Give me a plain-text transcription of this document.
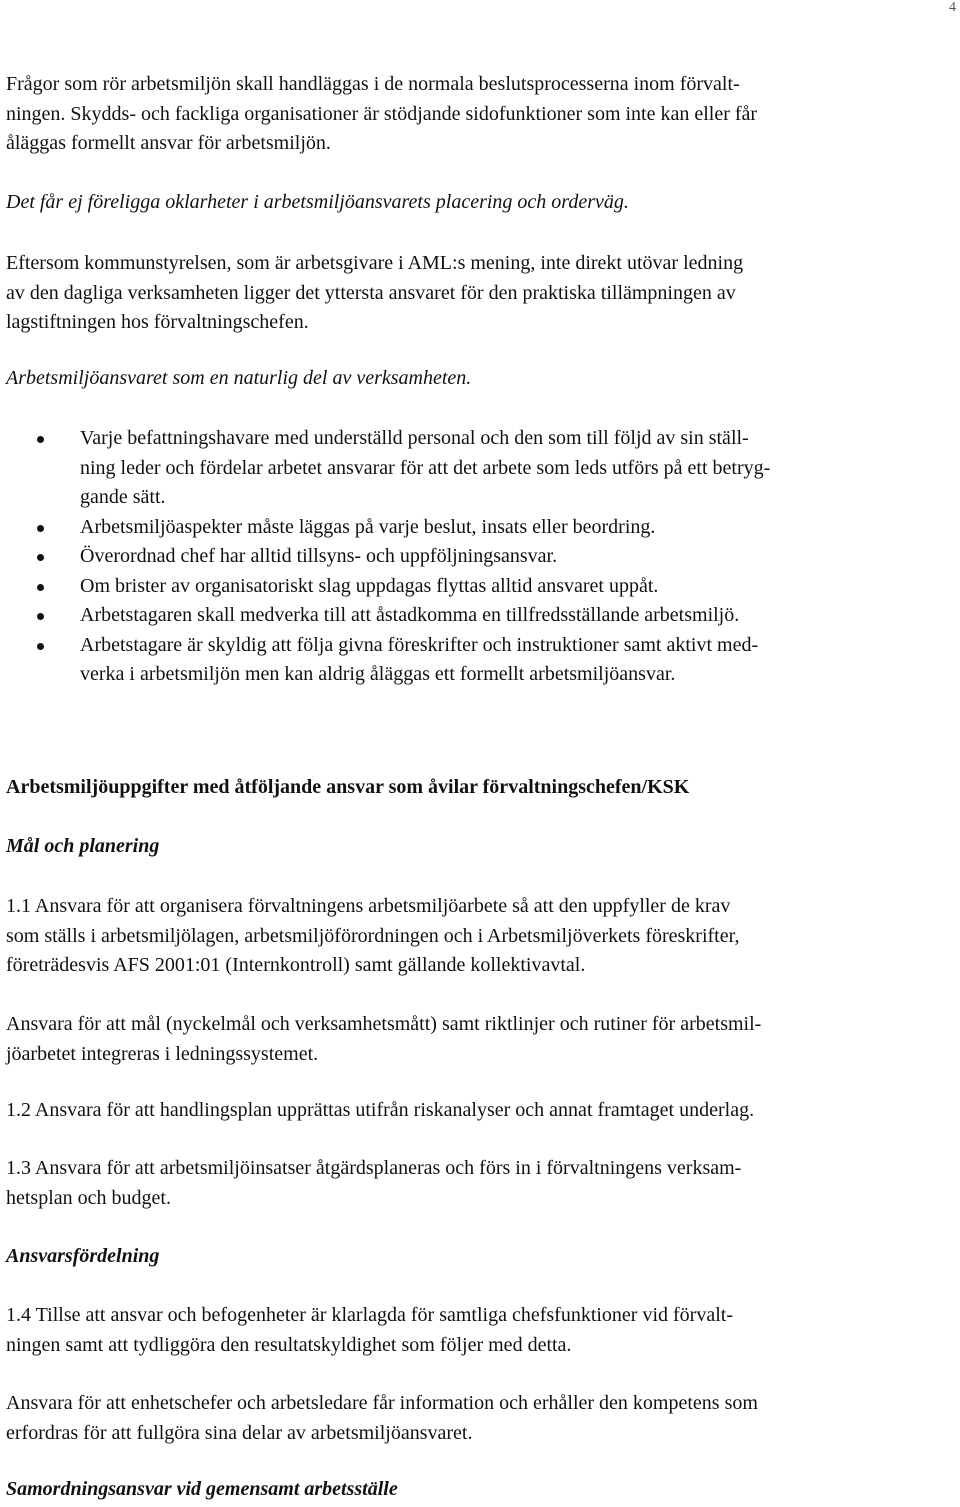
4

Frågor som rör arbetsmiljön skall handläggas i de normala beslutsprocesserna inom förvalt-
ningen. Skydds- och fackliga organisationer är stödjande sidofunktioner som inte kan eller får
åläggas formellt ansvar för arbetsmiljön.

Det får ej föreligga oklarheter i arbetsmiljöansvarets placering och orderväg.

Eftersom kommunstyrelsen, som är arbetsgivare i AML:s mening, inte direkt utövar ledning
av den dagliga verksamheten ligger det yttersta ansvaret för den praktiska tillämpningen av
lagstiftningen hos förvaltningschefen.

Arbetsmiljöansvaret som en naturlig del av verksamheten.

Varje befattningshavare med underställd personal och den som till följd av sin ställ-
ning leder och fördelar arbetet ansvarar för att det arbete som leds utförs på ett betryg-
gande sätt.
Arbetsmiljöaspekter måste läggas på varje beslut, insats eller beordring.
Överordnad chef har alltid tillsyns- och uppföljningsansvar.
Om brister av organisatoriskt slag uppdagas flyttas alltid ansvaret uppåt.
Arbetstagaren skall medverka till att åstadkomma en tillfredsställande arbetsmiljö.
Arbetstagare är skyldig att följa givna föreskrifter och instruktioner samt aktivt med-
verka i arbetsmiljön men kan aldrig åläggas ett formellt arbetsmiljöansvar.

Arbetsmiljöuppgifter med åtföljande ansvar som åvilar förvaltningschefen/KSK

Mål och planering

1.1 Ansvara för att organisera förvaltningens arbetsmiljöarbete så att den uppfyller de krav
som ställs i arbetsmiljölagen, arbetsmiljöförordningen och i Arbetsmiljöverkets föreskrifter,
företrädesvis AFS 2001:01 (Internkontroll) samt gällande kollektivavtal.

Ansvara för att mål (nyckelmål och verksamhetsmått) samt riktlinjer och rutiner för arbetsmil-
jöarbetet integreras i ledningssystemet.

1.2 Ansvara för att handlingsplan upprättas utifrån riskanalyser och annat framtaget underlag.

1.3 Ansvara för att arbetsmiljöinsatser åtgärdsplaneras och förs in i förvaltningens verksam-
hetsplan och budget.

Ansvarsfördelning

1.4 Tillse att ansvar och befogenheter är klarlagda för samtliga chefsfunktioner vid förvalt-
ningen samt att tydliggöra den resultatskyldighet som följer med detta.

Ansvara för att enhetschefer och arbetsledare får information och erhåller den kompetens som
erfordras för att fullgöra sina delar av arbetsmiljöansvaret.

Samordningsansvar vid gemensamt arbetsställe
